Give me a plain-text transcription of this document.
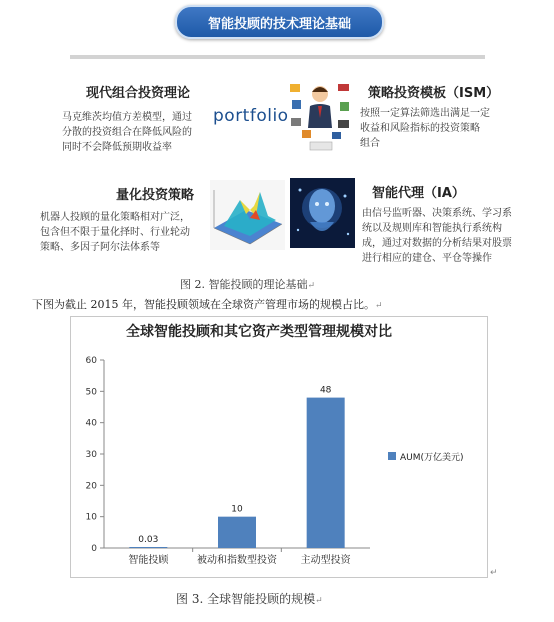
智能投顾的技术理论基础
现代组合投资理论
马克维茨均值方差模型，通过
分散的投资组合在降低风险的
同时不会降低预期收益率
portfolio
策略投资模板（ISM）
按照一定算法筛选出满足一定
收益和风险指标的投资策略
组合
量化投资策略
机器人投顾的量化策略相对广泛，
包含但不限于量化择时、行业轮动
策略、多因子阿尔法体系等
智能代理（IA）
由信号监听器、决策系统、学习系
统以及规则库和智能执行系统构
成，通过对数据的分析结果对股票
进行相应的建仓、平仓等操作
图 2. 智能投顾的理论基础↵
下图为截止 2015 年，智能投顾领域在全球资产管理市场的规模占比。↵
全球智能投顾和其它资产类型管理规模对比
0
10
20
30
40
50
60
0.03
智能投顾
10
被动和指数型投资
48
主动型投资
AUM(万亿美元)
↵
图 3. 全球智能投顾的规模↵
